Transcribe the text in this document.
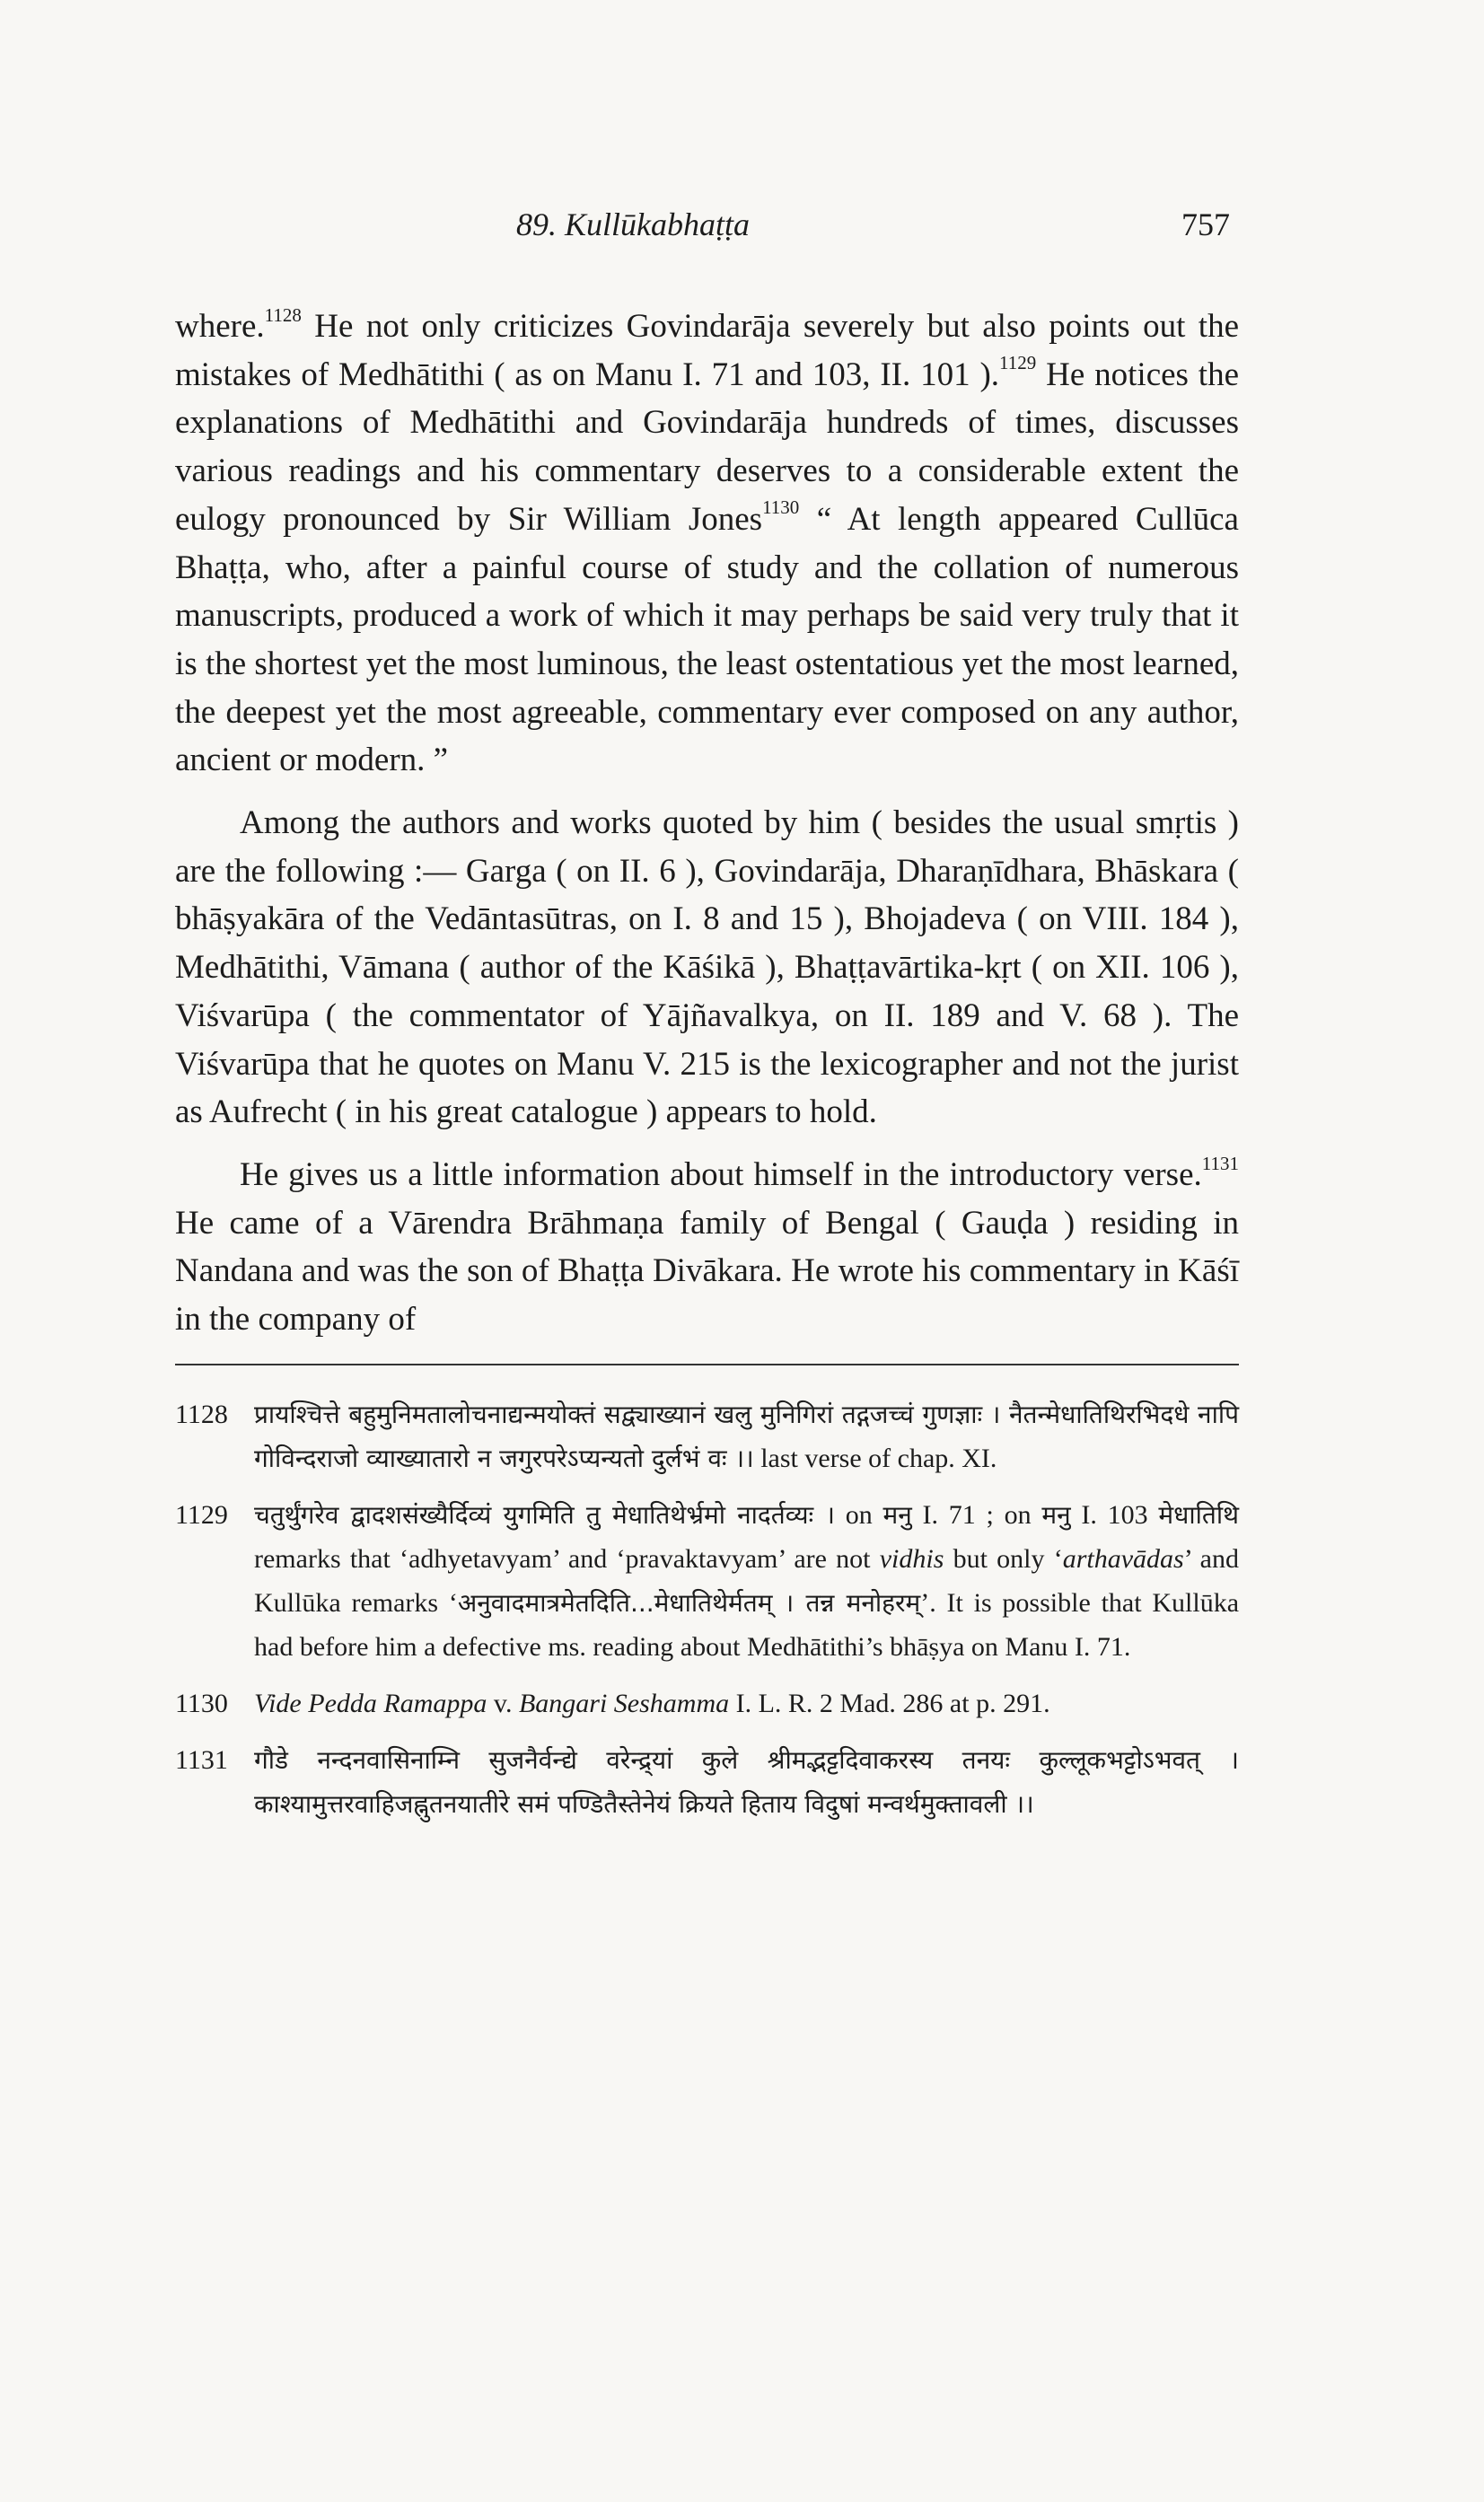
89. Kullūkabhaṭṭa	757

where.$^{1128}$ He not only criticizes Govindarāja severely but also points out the mistakes of Medhātithi ( as on Manu I. 71 and 103, II. 101 ).$^{1129}$ He notices the explanations of Medhātithi and Govindarāja hundreds of times, discusses various readings and his commentary deserves to a considerable extent the eulogy pronounced by Sir William Jones$^{1130}$ “ At length appeared Cullūca Bhaṭṭa, who, after a painful course of study and the collation of numerous manuscripts, produced a work of which it may perhaps be said very truly that it is the shortest yet the most luminous, the least ostentatious yet the most learned, the deepest yet the most agreeable, commentary ever composed on any author, ancient or modern. ”

Among the authors and works quoted by him ( besides the usual smṛtis ) are the following :— Garga ( on II. 6 ), Govindarāja, Dharaṇīdhara, Bhāskara ( bhāṣyakāra of the Vedāntasūtras, on I. 8 and 15 ), Bhojadeva ( on VIII. 184 ), Medhātithi, Vāmana ( author of the Kāśikā ), Bhaṭṭavārtika-kṛt ( on XII. 106 ), Viśvarūpa ( the commentator of Yājñavalkya, on II. 189 and V. 68 ). The Viśvarūpa that he quotes on Manu V. 215 is the lexicographer and not the jurist as Aufrecht ( in his great catalogue ) appears to hold.

He gives us a little information about himself in the introductory verse.$^{1131}$ He came of a Vārendra Brāhmaṇa family of Bengal ( Gauḍa ) residing in Nandana and was the son of Bhaṭṭa Divākara. He wrote his commentary in Kāśī in the company of

1128	प्रायश्चित्ते बहुमुनिमतालोचनाद्यन्मयोक्तं सद्व्याख्यानं खलु मुनिगिरां तद्गजच्चं गुणज्ञाः । नैतन्मेधातिथिरभिदधे नापि गोविन्दराजो व्याख्यातारो न जगुरपरेऽप्यन्यतो दुर्लभं वः ।। last verse of chap. XI.
1129	चतुर्थुंगरेव द्वादशसंख्यैर्दिव्यं युगमिति तु मेधातिथेर्भ्रमो नादर्तव्यः । on मनु I. 71 ; on मनु I. 103 मेधातिथि remarks that ‘adhyetavyam’ and ‘pravaktavyam’ are not vidhis but only ‘arthavādas’ and Kullūka remarks ‘अनुवादमात्रमेतदिति...मेधातिथेर्मतम् । तन्न मनोहरम्’. It is possible that Kullūka had before him a defective ms. reading about Medhātithi’s bhāṣya on Manu I. 71.
1130 Vide Pedda Ramappa v. Bangari Seshamma I. L. R. 2 Mad. 286 at p. 291.
1131	गौडे नन्दनवासिनाम्नि सुजनैर्वन्द्ये वरेन्द्र्यां कुले श्रीमद्भट्टदिवाकरस्य तनयः कुल्लूकभट्टोऽभवत् । काश्यामुत्तरवाहिजह्नुतनयातीरे समं पण्डितैस्तेनेयं क्रियते हिताय विदुषां मन्वर्थमुक्तावली ।।
